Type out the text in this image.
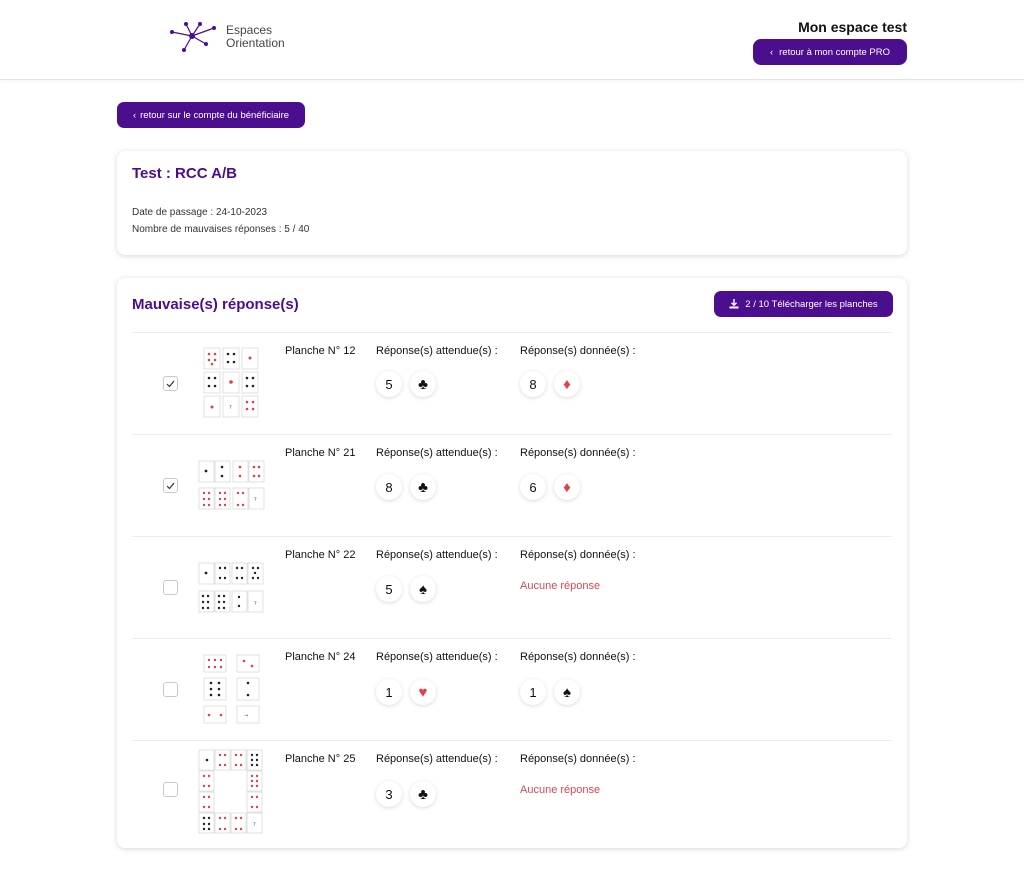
Espaces
Orientation
Mon espace test
‹ retour à mon compte PRO
‹ retour sur le compte du bénéficiaire
Test : RCC A/B
Date de passage : 24-10-2023
Nombre de mauvaises réponses : 5 / 40
Mauvaise(s) réponse(s)	2 / 10 Télécharger les planches
?
Planche N° 12 Réponse(s) attendue(s) : Réponse(s) donnée(s) :
5	♣	8	♦
?
Planche N° 21 Réponse(s) attendue(s) : Réponse(s) donnée(s) :
8	♣	6	♦
?
Planche N° 22 Réponse(s) attendue(s) : Réponse(s) donnée(s) :
5	♠	Aucune réponse
→
Planche N° 24 Réponse(s) attendue(s) : Réponse(s) donnée(s) :
1	♥	1	♠
?
Planche N° 25 Réponse(s) attendue(s) : Réponse(s) donnée(s) :
3	♣	Aucune réponse
